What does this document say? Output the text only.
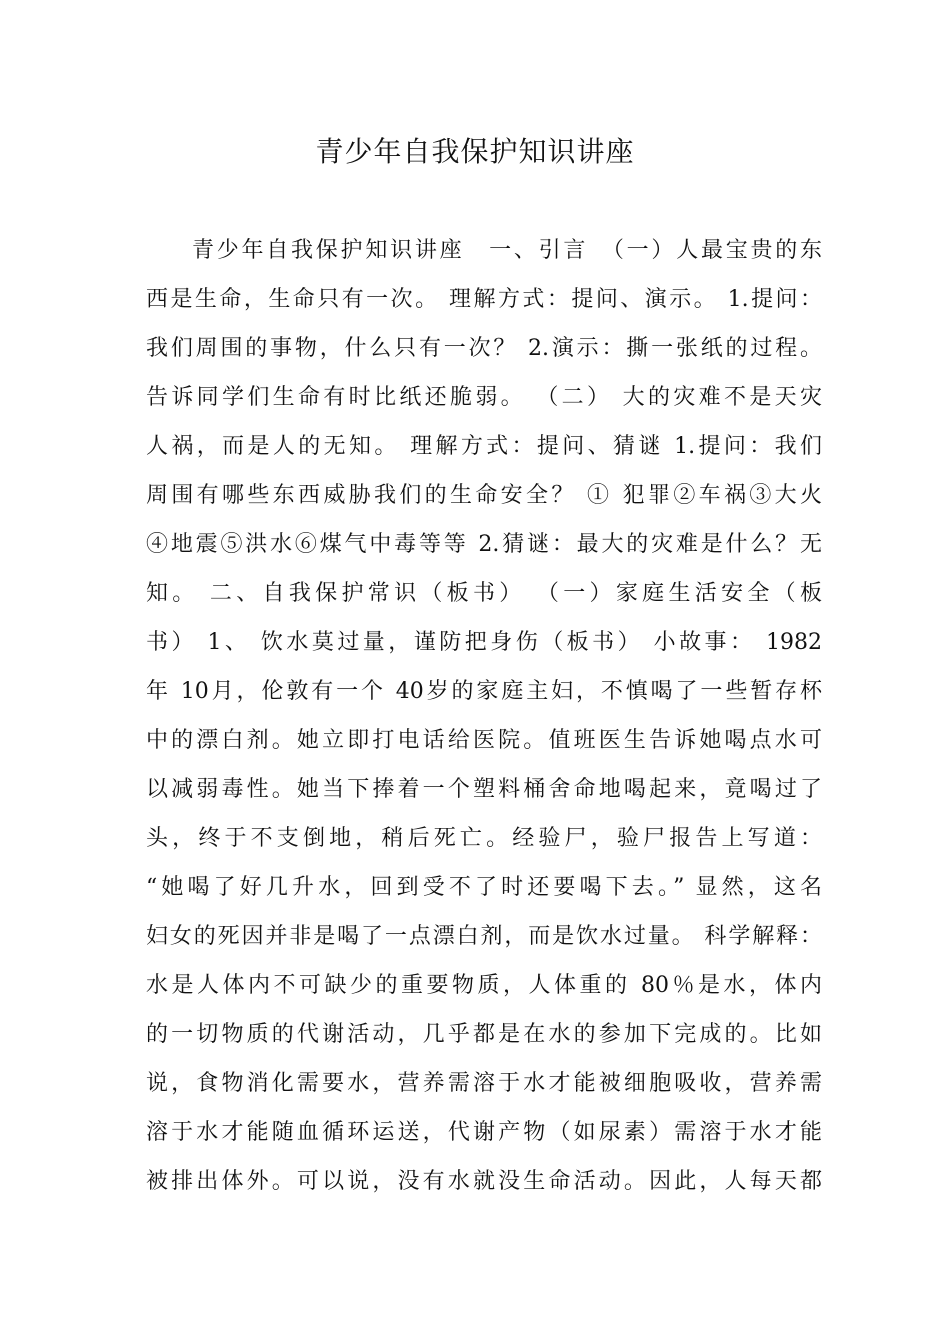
青少年自我保护知识讲座
青少年自我保护知识讲座　一、引言　（一）人最宝贵的东
西是生命，生命只有一次。 理解方式：提问、演示。 1.提问：
我们周围的事物，什么只有一次？ 2.演示：撕一张纸的过程。
告诉同学们生命有时比纸还脆弱。 （二） 大的灾难不是天灾
人祸，而是人的无知。 理解方式：提问、猜谜 1.提问：我们
周围有哪些东西威胁我们的生命安全？ ① 犯罪②车祸③大火
④地震⑤洪水⑥煤气中毒等等 2.猜谜：最大的灾难是什么？无
知。 二、自我保护常识（板书） （一）家庭生活安全（板
书） 1、 饮水莫过量，谨防把身伤（板书） 小故事： 1982
年 10月，伦敦有一个 40岁的家庭主妇，不慎喝了一些暂存杯
中的漂白剂。她立即打电话给医院。值班医生告诉她喝点水可
以减弱毒性。她当下捧着一个塑料桶舍命地喝起来，竟喝过了
头，终于不支倒地，稍后死亡。经验尸，验尸报告上写道：
“她喝了好几升水，回到受不了时还要喝下去。” 显然，这名
妇女的死因并非是喝了一点漂白剂，而是饮水过量。 科学解释：
水是人体内不可缺少的重要物质，人体重的 80％是水，体内
的一切物质的代谢活动，几乎都是在水的参加下完成的。比如
说，食物消化需要水，营养需溶于水才能被细胞吸收，营养需
溶于水才能随血循环运送，代谢产物（如尿素）需溶于水才能
被排出体外。可以说，没有水就没生命活动。因此，人每天都
